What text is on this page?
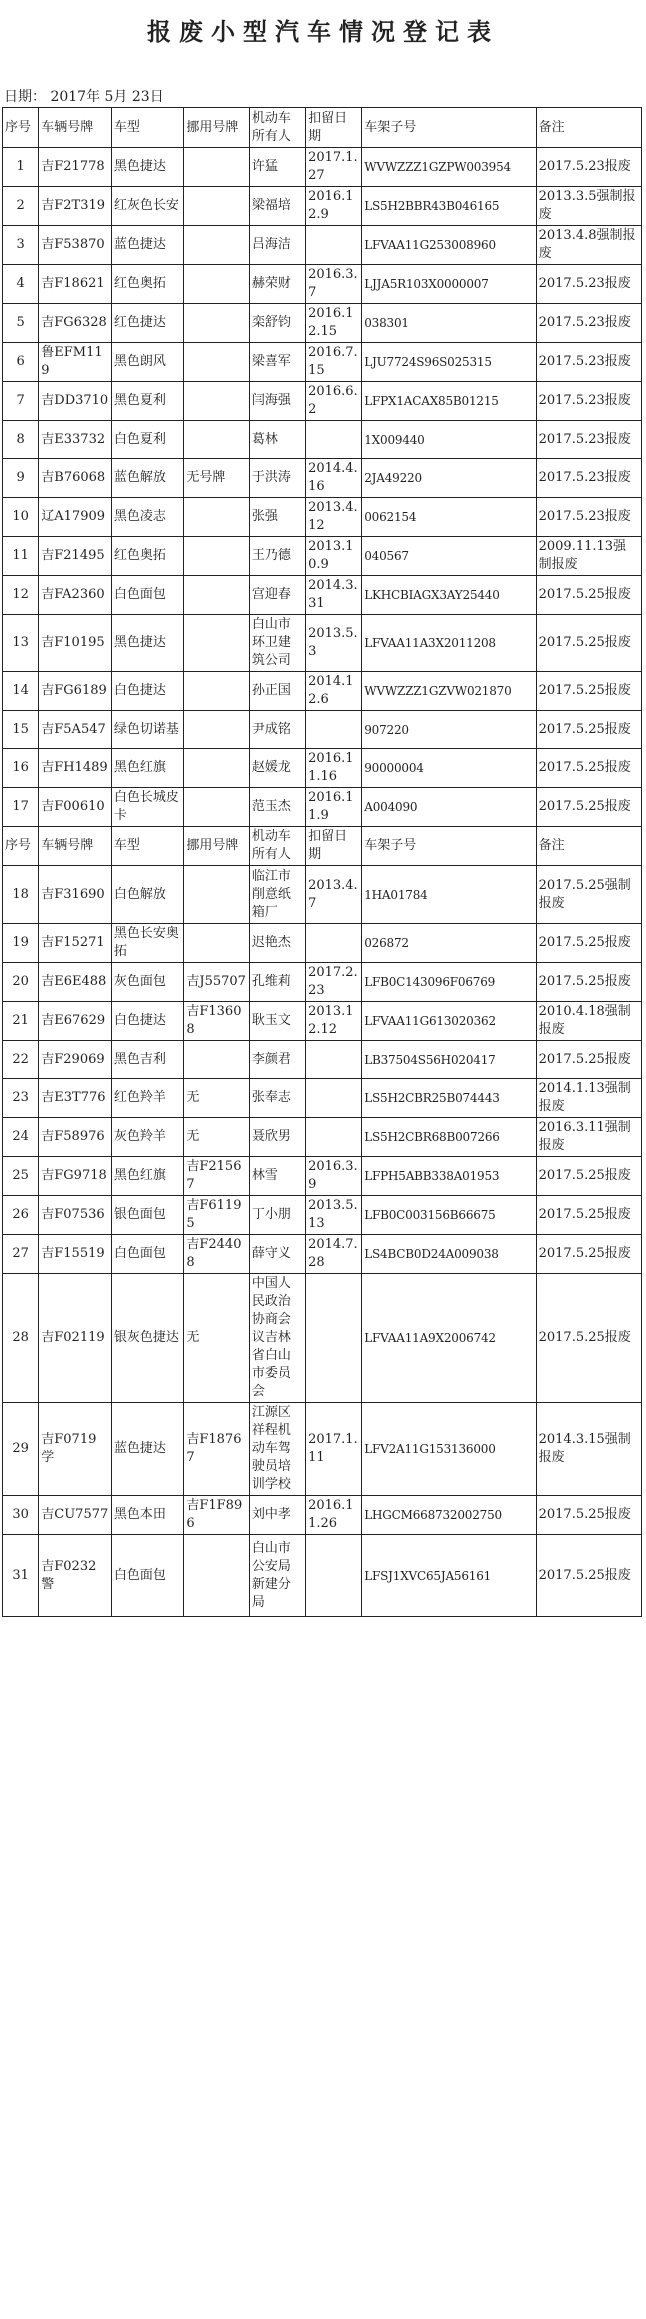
报废小型汽车情况登记表
日期： 2017年 5月 23日
序号	车辆号牌	车型	挪用号牌	机动车所有人	扣留日期	车架子号	备注
1	吉F21778	黑色捷达		许猛	2017.1.27	WVWZZZ1GZPW003954	2017.5.23报废
2	吉F2T319	红灰色长安		梁福培	2016.12.9	LS5H2BBR43B046165	2013.3.5强制报废
3	吉F53870	蓝色捷达		吕海洁		LFVAA11G253008960	2013.4.8强制报废
4	吉F18621	红色奥拓		赫荣财	2016.3.7	LJJA5R103X0000007	2017.5.23报废
5	吉FG6328	红色捷达		栾舒钧	2016.12.15	038301	2017.5.23报废
6	鲁EFM119	黑色朗风		梁喜军	2016.7.15	LJU7724S96S025315	2017.5.23报废
7	吉DD3710	黑色夏利		闫海强	2016.6.2	LFPX1ACAX85B01215	2017.5.23报废
8	吉E33732	白色夏利		葛林		1X009440	2017.5.23报废
9	吉B76068	蓝色解放	无号牌	于洪涛	2014.4.16	2JA49220	2017.5.23报废
10	辽A17909	黑色凌志		张强	2013.4.12	0062154	2017.5.23报废
11	吉F21495	红色奥拓		王乃德	2013.10.9	040567	2009.11.13强制报废
12	吉FA2360	白色面包		宫迎春	2014.3.31	LKHCBIAGX3AY25440	2017.5.25报废
13	吉F10195	黑色捷达		白山市环卫建筑公司	2013.5.3	LFVAA11A3X2011208	2017.5.25报废
14	吉FG6189	白色捷达		孙正国	2014.12.6	WVWZZZ1GZVW021870	2017.5.25报废
15	吉F5A547	绿色切诺基		尹成铭		907220	2017.5.25报废
16	吉FH1489	黑色红旗		赵媛龙	2016.11.16	90000004	2017.5.25报废
17	吉F00610	白色长城皮卡		范玉杰	2016.11.9	A004090	2017.5.25报废
序号	车辆号牌	车型	挪用号牌	机动车所有人	扣留日期	车架子号	备注
18	吉F31690	白色解放		临江市削意纸箱厂	2013.4.7	1HA01784	2017.5.25强制报废
19	吉F15271	黑色长安奥拓		迟艳杰		026872	2017.5.25报废
20	吉E6E488	灰色面包	吉J55707	孔维莉	2017.2.23	LFB0C143096F06769	2017.5.25报废
21	吉E67629	白色捷达	吉F13608	耿玉文	2013.12.12	LFVAA11G613020362	2010.4.18强制报废
22	吉F29069	黑色吉利		李颜君		LB37504S56H020417	2017.5.25报废
23	吉E3T776	红色羚羊	无	张奉志		LS5H2CBR25B074443	2014.1.13强制报废
24	吉F58976	灰色羚羊	无	聂欣男		LS5H2CBR68B007266	2016.3.11强制报废
25	吉FG9718	黑色红旗	吉F21567	林雪	2016.3.9	LFPH5ABB338A01953	2017.5.25报废
26	吉F07536	银色面包	吉F61195	丁小朋	2013.5.13	LFB0C003156B66675	2017.5.25报废
27	吉F15519	白色面包	吉F24408	薛守义	2014.7.28	LS4BCB0D24A009038	2017.5.25报废
28	吉F02119	银灰色捷达	无	中国人民政治协商会议吉林省白山市委员会		LFVAA11A9X2006742	2017.5.25报废
29	吉F0719学	蓝色捷达	吉F18767	江源区祥程机动车驾驶员培训学校	2017.1.11	LFV2A11G153136000	2014.3.15强制报废
30	吉CU7577	黑色本田	吉F1F896	刘中孝	2016.11.26	LHGCM668732002750	2017.5.25报废
31	吉F0232警	白色面包		白山市公安局新建分局		LFSJ1XVC65JA56161	2017.5.25报废
